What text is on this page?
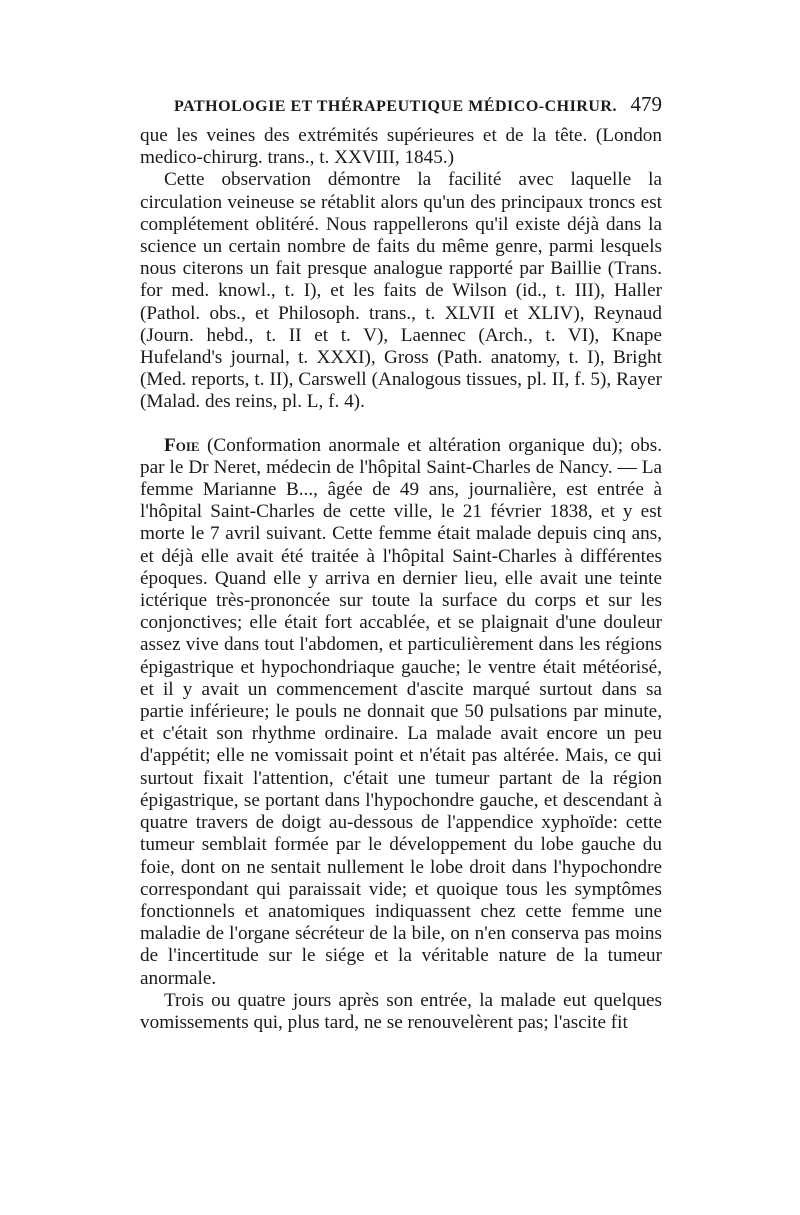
PATHOLOGIE ET THÉRAPEUTIQUE MÉDICO-CHIRUR. 479

que les veines des extrémités supérieures et de la tête. (London medico-chirurg. trans., t. XXVIII, 1845.)

Cette observation démontre la facilité avec laquelle la circulation veineuse se rétablit alors qu'un des principaux troncs est complétement oblitéré. Nous rappellerons qu'il existe déjà dans la science un certain nombre de faits du même genre, parmi lesquels nous citerons un fait presque analogue rapporté par Baillie (Trans. for med. knowl., t. I), et les faits de Wilson (id., t. III), Haller (Pathol. obs., et Philosoph. trans., t. XLVII et XLIV), Reynaud (Journ. hebd., t. II et t. V), Laennec (Arch., t. VI), Knape Hufeland's journal, t. XXXI), Gross (Path. anatomy, t. I), Bright (Med. reports, t. II), Carswell (Analogous tissues, pl. II, f. 5), Rayer (Malad. des reins, pl. L, f. 4).

Foie (Conformation anormale et altération organique du); obs. par le Dr Neret, médecin de l'hôpital Saint-Charles de Nancy. — La femme Marianne B..., âgée de 49 ans, journalière, est entrée à l'hôpital Saint-Charles de cette ville, le 21 février 1838, et y est morte le 7 avril suivant. Cette femme était malade depuis cinq ans, et déjà elle avait été traitée à l'hôpital Saint-Charles à différentes époques. Quand elle y arriva en dernier lieu, elle avait une teinte ictérique très-prononcée sur toute la surface du corps et sur les conjonctives; elle était fort accablée, et se plaignait d'une douleur assez vive dans tout l'abdomen, et particulièrement dans les régions épigastrique et hypochondriaque gauche; le ventre était météorisé, et il y avait un commencement d'ascite marqué surtout dans sa partie inférieure; le pouls ne donnait que 50 pulsations par minute, et c'était son rhythme ordinaire. La malade avait encore un peu d'appétit; elle ne vomissait point et n'était pas altérée. Mais, ce qui surtout fixait l'attention, c'était une tumeur partant de la région épigastrique, se portant dans l'hypochondre gauche, et descendant à quatre travers de doigt au-dessous de l'appendice xyphoïde: cette tumeur semblait formée par le développement du lobe gauche du foie, dont on ne sentait nullement le lobe droit dans l'hypochondre correspondant qui paraissait vide; et quoique tous les symptômes fonctionnels et anatomiques indiquassent chez cette femme une maladie de l'organe sécréteur de la bile, on n'en conserva pas moins de l'incertitude sur le siége et la véritable nature de la tumeur anormale.

Trois ou quatre jours après son entrée, la malade eut quelques vomissements qui, plus tard, ne se renouvelèrent pas; l'ascite fit
